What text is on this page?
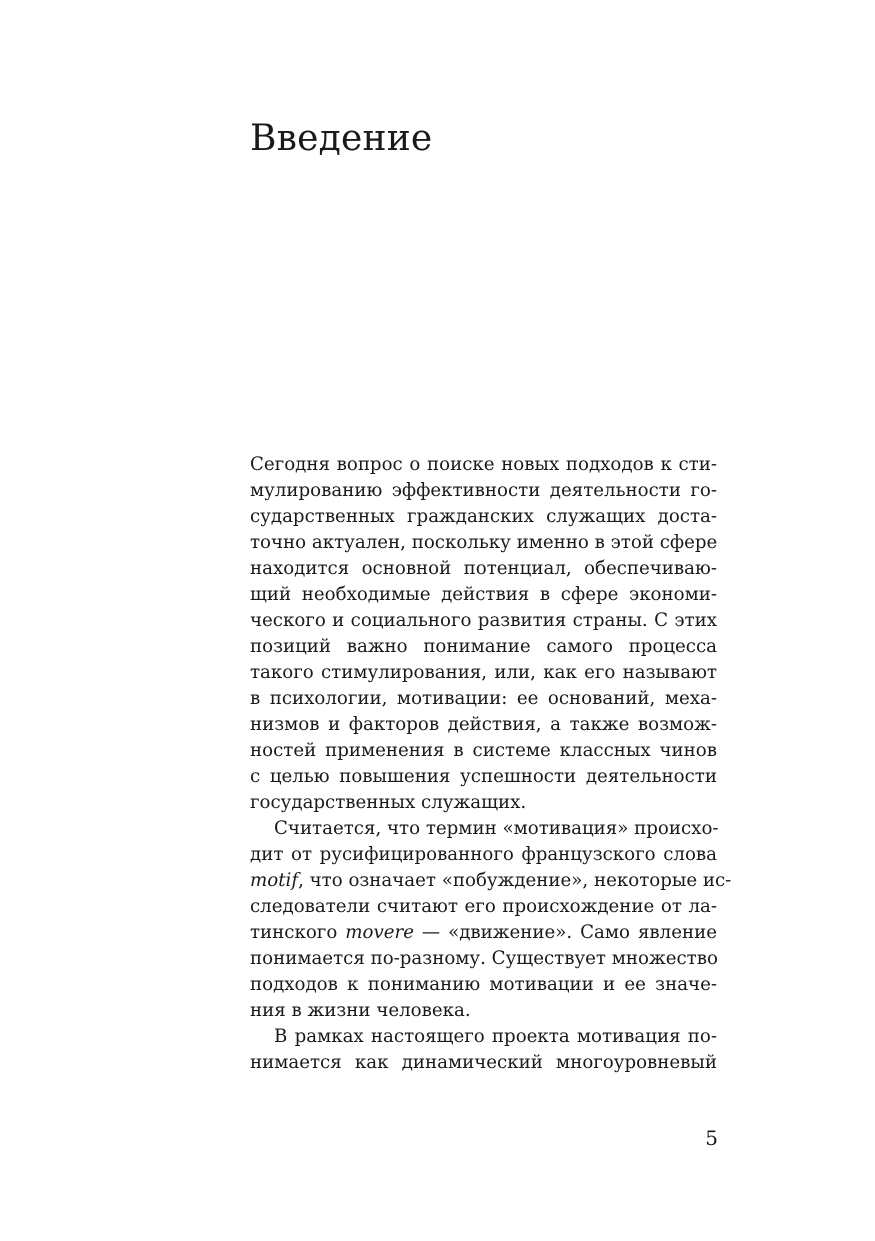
Введение
Сегодня вопрос о поиске новых подходов к сти-
мулированию эффективности деятельности го-
сударственных гражданских служащих доста-
точно актуален, поскольку именно в этой сфере
находится основной потенциал, обеспечиваю-
щий необходимые действия в сфере экономи-
ческого и социального развития страны. С этих
позиций важно понимание самого процесса
такого стимулирования, или, как его называют
в психологии, мотивации: ее оснований, меха-
низмов и факторов действия, а также возмож-
ностей применения в системе классных чинов
с целью повышения успешности деятельности
государственных служащих.
Считается, что термин «мотивация» происхо-
дит от русифицированного французского слова
motif, что означает «побуждение», некоторые ис-
следователи считают его происхождение от ла-
тинского movere — «движение». Само явление
понимается по-разному. Существует множество
подходов к пониманию мотивации и ее значе-
ния в жизни человека.
В рамках настоящего проекта мотивация по-
нимается как динамический многоуровневый

5
